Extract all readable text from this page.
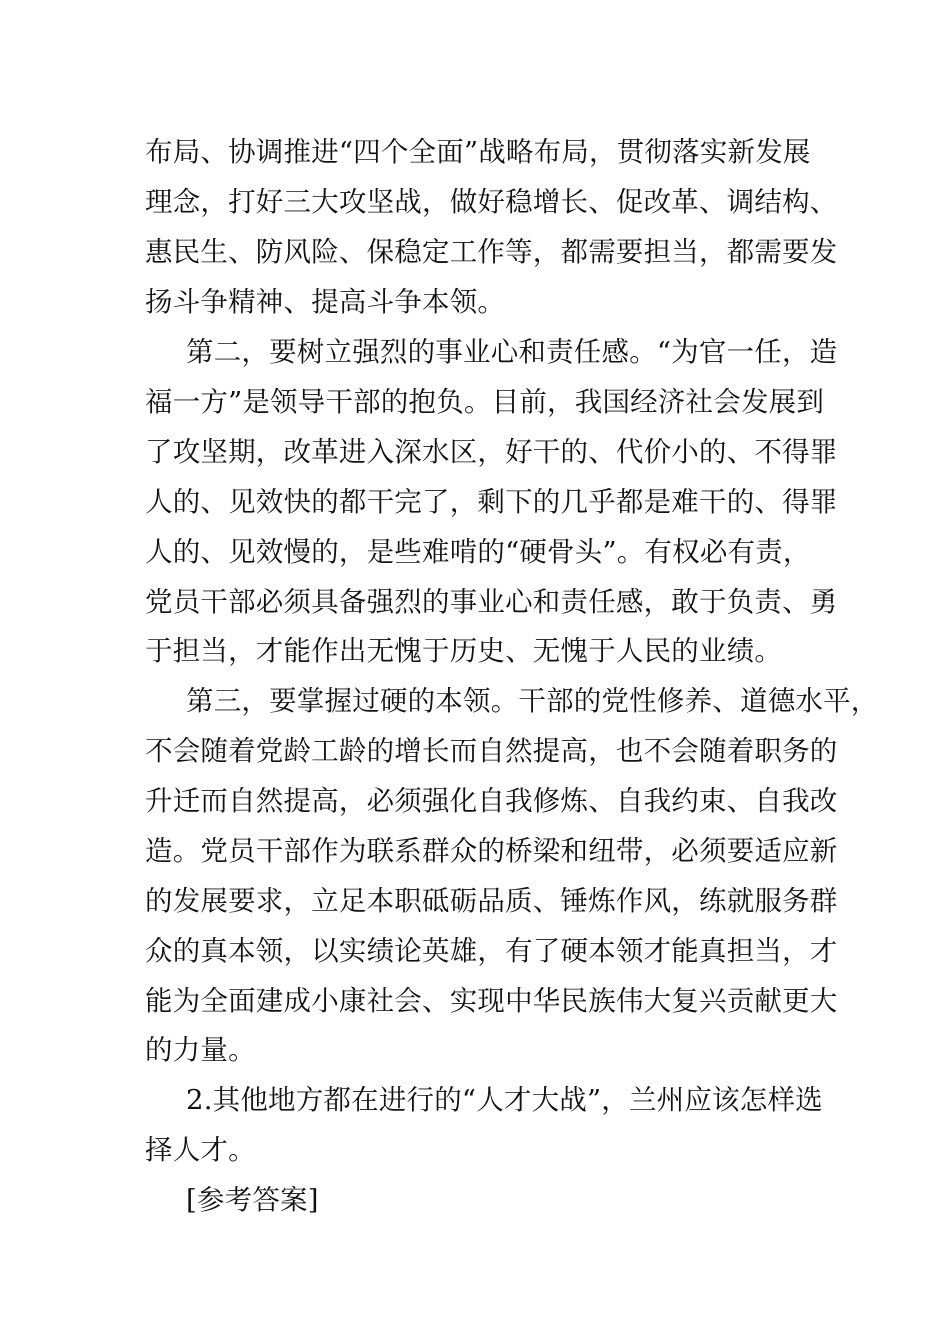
布局、协调推进“四个全面”战略布局，贯彻落实新发展
理念，打好三大攻坚战，做好稳增长、促改革、调结构、
惠民生、防风险、保稳定工作等，都需要担当，都需要发
扬斗争精神、提高斗争本领。
第二，要树立强烈的事业心和责任感。“为官一任，造
福一方”是领导干部的抱负。目前，我国经济社会发展到
了攻坚期，改革进入深水区，好干的、代价小的、不得罪
人的、见效快的都干完了，剩下的几乎都是难干的、得罪
人的、见效慢的，是些难啃的“硬骨头”。有权必有责，
党员干部必须具备强烈的事业心和责任感，敢于负责、勇
于担当，才能作出无愧于历史、无愧于人民的业绩。
第三，要掌握过硬的本领。干部的党性修养、道德水平，
不会随着党龄工龄的增长而自然提高，也不会随着职务的
升迁而自然提高，必须强化自我修炼、自我约束、自我改
造。党员干部作为联系群众的桥梁和纽带，必须要适应新
的发展要求，立足本职砥砺品质、锤炼作风，练就服务群
众的真本领，以实绩论英雄，有了硬本领才能真担当，才
能为全面建成小康社会、实现中华民族伟大复兴贡献更大
的力量。
2.其他地方都在进行的“人才大战”，兰州应该怎样选
择人才。
[参考答案]
